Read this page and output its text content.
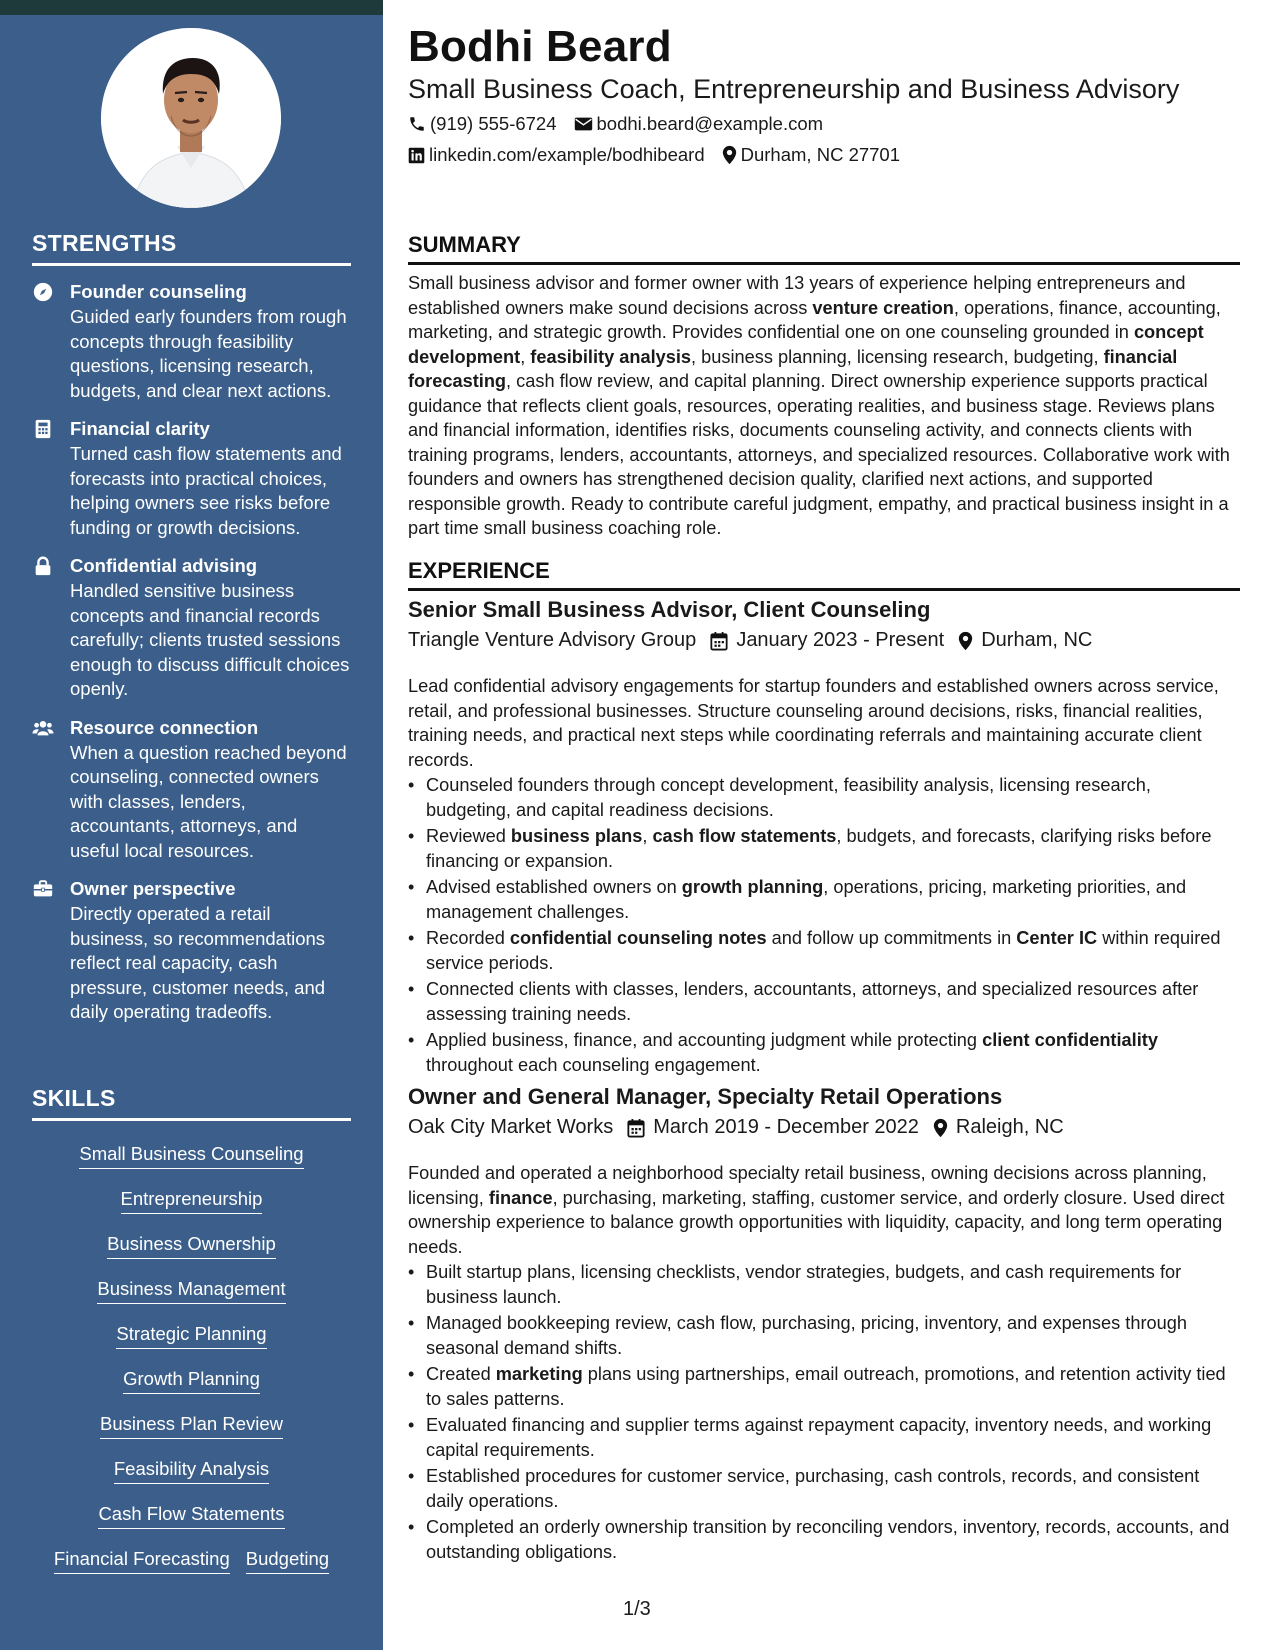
STRENGTHS
Founder counseling
Guided early founders from rough concepts through feasibility questions, licensing research, budgets, and clear next actions.
Financial clarity
Turned cash flow statements and forecasts into practical choices, helping owners see risks before funding or growth decisions.
Confidential advising
Handled sensitive business concepts and financial records carefully; clients trusted sessions enough to discuss difficult choices openly.
Resource connection
When a question reached beyond counseling, connected owners with classes, lenders, accountants, attorneys, and useful local resources.
Owner perspective
Directly operated a retail business, so recommendations reflect real capacity, cash pressure, customer needs, and daily operating tradeoffs.
SKILLS
Small Business Counseling
Entrepreneurship
Business Ownership
Business Management
Strategic Planning
Growth Planning
Business Plan Review
Feasibility Analysis
Cash Flow Statements
Financial Forecasting Budgeting
Bodhi Beard
Small Business Coach, Entrepreneurship and Business Advisory
(919) 555-6724 bodhi.beard@example.com
linkedin.com/example/bodhibeard Durham, NC 27701
SUMMARY
Small business advisor and former owner with 13 years of experience helping entrepreneurs and established owners make sound decisions across venture creation, operations, finance, accounting, marketing, and strategic growth. Provides confidential one on one counseling grounded in concept development, feasibility analysis, business planning, licensing research, budgeting, financial forecasting, cash flow review, and capital planning. Direct ownership experience supports practical guidance that reflects client goals, resources, operating realities, and business stage. Reviews plans and financial information, identifies risks, documents counseling activity, and connects clients with training programs, lenders, accountants, attorneys, and specialized resources. Collaborative work with founders and owners has strengthened decision quality, clarified next actions, and supported responsible growth. Ready to contribute careful judgment, empathy, and practical business insight in a part time small business coaching role.
EXPERIENCE
Senior Small Business Advisor, Client Counseling
Triangle Venture Advisory Group January 2023 - Present Durham, NC
Lead confidential advisory engagements for startup founders and established owners across service, retail, and professional businesses. Structure counseling around decisions, risks, financial realities, training needs, and practical next steps while coordinating referrals and maintaining accurate client records.
• Counseled founders through concept development, feasibility analysis, licensing research, budgeting, and capital readiness decisions.
• Reviewed business plans, cash flow statements, budgets, and forecasts, clarifying risks before financing or expansion.
• Advised established owners on growth planning, operations, pricing, marketing priorities, and management challenges.
• Recorded confidential counseling notes and follow up commitments in Center IC within required service periods.
• Connected clients with classes, lenders, accountants, attorneys, and specialized resources after assessing training needs.
• Applied business, finance, and accounting judgment while protecting client confidentiality throughout each counseling engagement.
Owner and General Manager, Specialty Retail Operations
Oak City Market Works March 2019 - December 2022 Raleigh, NC
Founded and operated a neighborhood specialty retail business, owning decisions across planning, licensing, finance, purchasing, marketing, staffing, customer service, and orderly closure. Used direct ownership experience to balance growth opportunities with liquidity, capacity, and long term operating needs.
• Built startup plans, licensing checklists, vendor strategies, budgets, and cash requirements for business launch.
• Managed bookkeeping review, cash flow, purchasing, pricing, inventory, and expenses through seasonal demand shifts.
• Created marketing plans using partnerships, email outreach, promotions, and retention activity tied to sales patterns.
• Evaluated financing and supplier terms against repayment capacity, inventory needs, and working capital requirements.
• Established procedures for customer service, purchasing, cash controls, records, and consistent daily operations.
• Completed an orderly ownership transition by reconciling vendors, inventory, records, accounts, and outstanding obligations.
1/3
